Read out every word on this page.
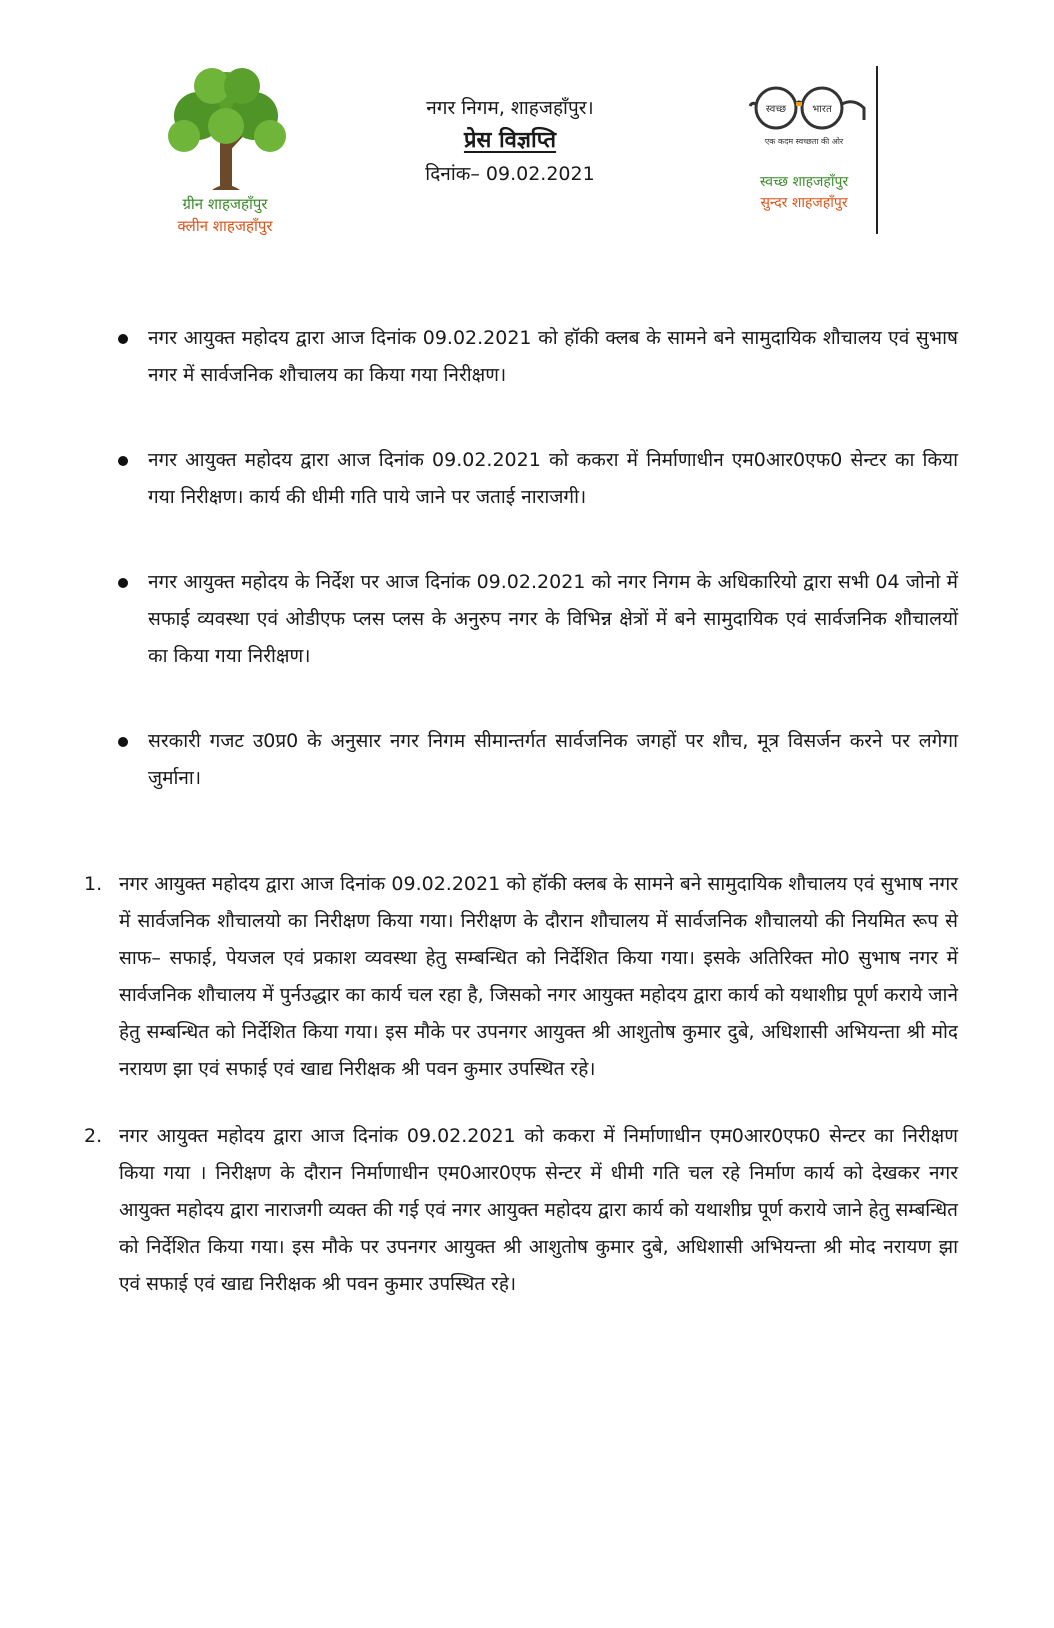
ग्रीन शाहजहाँपुर
क्लीन शाहजहाँपुर
नगर निगम, शाहजहाँपुर।
प्रेस विज्ञप्ति
दिनांक– 09.02.2021
स्वच्छ	भारत
एक कदम स्वच्छता की ओर
स्वच्छ शाहजहाँपुर
सुन्दर शाहजहाँपुर
नगर आयुक्त महोदय द्वारा आज दिनांक 09.02.2021 को हॉकी क्लब के सामने बने सामुदायिक शौचालय एवं सुभाष नगर में सार्वजनिक शौचालय का किया गया निरीक्षण।
नगर आयुक्त महोदय द्वारा आज दिनांक 09.02.2021 को ककरा में निर्माणाधीन एम0आर0एफ0 सेन्टर का किया गया निरीक्षण। कार्य की धीमी गति पाये जाने पर जताई नाराजगी।
नगर आयुक्त महोदय के निर्देश पर आज दिनांक 09.02.2021 को नगर निगम के अधिकारियो द्वारा सभी 04 जोनो में सफाई व्यवस्था एवं ओडीएफ प्लस प्लस के अनुरुप नगर के विभिन्न क्षेत्रों में बने सामुदायिक एवं सार्वजनिक शौचालयों का किया गया निरीक्षण।
सरकारी गजट उ0प्र0 के अनुसार नगर निगम सीमान्तर्गत सार्वजनिक जगहों पर शौच, मूत्र विसर्जन करने पर लगेगा जुर्माना।
1. नगर आयुक्त महोदय द्वारा आज दिनांक 09.02.2021 को हॉकी क्लब के सामने बने सामुदायिक शौचालय एवं सुभाष नगर में सार्वजनिक शौचालयो का निरीक्षण किया गया। निरीक्षण के दौरान शौचालय में सार्वजनिक शौचालयो की नियमित रूप से साफ– सफाई, पेयजल एवं प्रकाश व्यवस्था हेतु सम्बन्धित को निर्देशित किया गया। इसके अतिरिक्त मो0 सुभाष नगर में सार्वजनिक शौचालय में पुर्नउद्धार का कार्य चल रहा है, जिसको नगर आयुक्त महोदय द्वारा कार्य को यथाशीघ्र पूर्ण कराये जाने हेतु सम्बन्धित को निर्देशित किया गया। इस मौके पर उपनगर आयुक्त श्री आशुतोष कुमार दुबे, अधिशासी अभियन्ता श्री मोद नरायण झा एवं सफाई एवं खाद्य निरीक्षक श्री पवन कुमार उपस्थित रहे।
2. नगर आयुक्त महोदय द्वारा आज दिनांक 09.02.2021 को ककरा में निर्माणाधीन एम0आर0एफ0 सेन्टर का निरीक्षण किया गया । निरीक्षण के दौरान निर्माणाधीन एम0आर0एफ सेन्टर में धीमी गति चल रहे निर्माण कार्य को देखकर नगर आयुक्त महोदय द्वारा नाराजगी व्यक्त की गई एवं नगर आयुक्त महोदय द्वारा कार्य को यथाशीघ्र पूर्ण कराये जाने हेतु सम्बन्धित को निर्देशित किया गया। इस मौके पर उपनगर आयुक्त श्री आशुतोष कुमार दुबे, अधिशासी अभियन्ता श्री मोद नरायण झा एवं सफाई एवं खाद्य निरीक्षक श्री पवन कुमार उपस्थित रहे।
